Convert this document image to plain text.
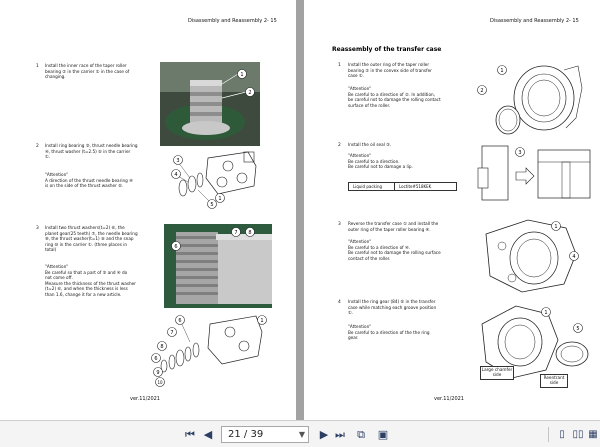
Disassembly and Reassembly 2- 15
1 Install the inner race of the taper roller
bearing ② in the carrier ① in the case of
changing.
2 Install ring bearing ③, thrust needle bearing
④, thrust washer (t=2.5) ⑤ in the carrier
①.
"Attention"
A direction of the thrust needle bearing ④
is on the side of the thrust washer ⑤.
3 Install two thrust washers(t=2) ⑥, the
planet gear(25 teeth) ⑦, the needle bearing
⑧, the thrust washer(t=1) ⑨ and the snap
ring ⑩ in the carrier ①. (three places in
total)
"Attention"
Be careful so that a part of ③ and ④ do
not come off.
Measure the thickness of the thrust washer
(t=2) ⑥, and when the thickness is less
than 1.6, change it for a new article.
1
2
3
4
5
1
6
7 8
6
7
8
6
9
10
1
ver.11/2021
Disassembly and Reassembly 2- 15
Reassembly of the transfer case
1 Install the outer ring of the taper roller
bearing ② in the convex side of transfer
case ①.
"Attention"
Be careful to a direction of ②. In addition,
be careful not to damage the rolling contact
surface of the roller.
2 Install the oil seal ③.
"Attention"
Be careful to a direction.
Be careful not to damage a lip.
Liquid packing	Loctite#518KEK
3 Reverse the transfer case ① and install the
outer ring of the taper roller bearing ④.
"Attention"
Be careful to a direction of ④.
Be careful not to damage the rolling surface
contact of the roller.
4 Install the ring gear (84) ⑤ in the transfer
case while matching each groove position
①.
"Attention"
Be careful to a direction of the the ring
gear.
1
2
3
1
4
1
5
Large chamfer
side
Reentrant
side
ver.11/2021
⏮ ◀	21 / 39	▼ ▶ ⏭ ⧉ ▣	▯ ▯▯ ▦
